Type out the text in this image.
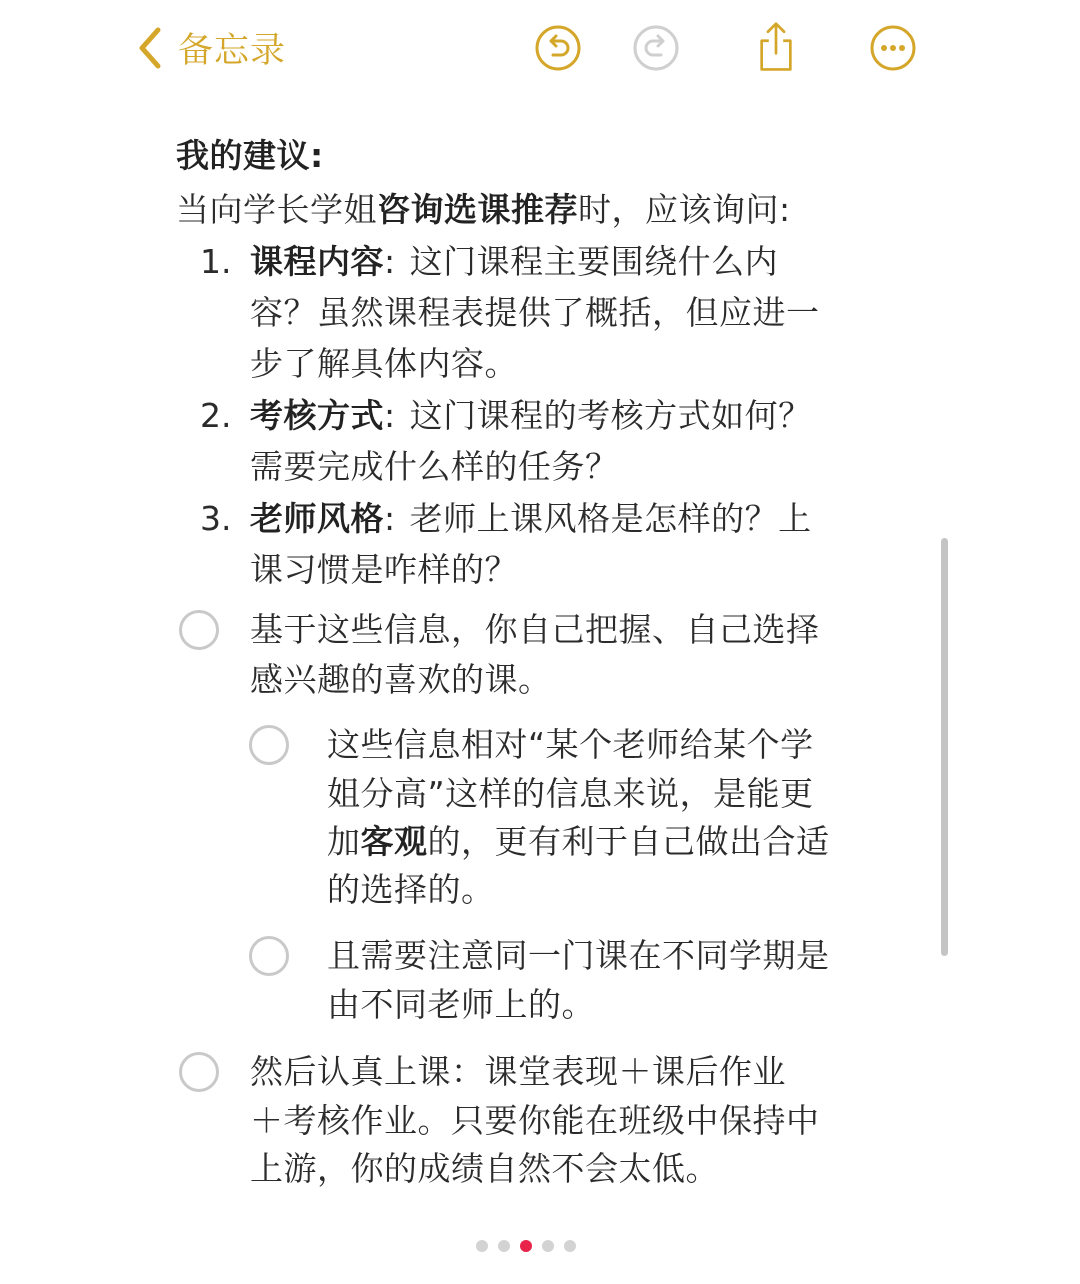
备忘录
我的建议:
当向学长学姐咨询选课推荐时，应该询问:
1. 课程内容: 这门课程主要围绕什么内
容？虽然课程表提供了概括，但应进一
步了解具体内容。
2. 考核方式: 这门课程的考核方式如何？
需要完成什么样的任务？
3. 老师风格: 老师上课风格是怎样的？上
课习惯是咋样的？
基于这些信息，你自己把握、自己选择
感兴趣的喜欢的课。
这些信息相对“某个老师给某个学
姐分高”这样的信息来说，是能更
加客观的，更有利于自己做出合适
的选择的。
且需要注意同一门课在不同学期是
由不同老师上的。
然后认真上课：课堂表现＋课后作业
＋考核作业。只要你能在班级中保持中
上游，你的成绩自然不会太低。
